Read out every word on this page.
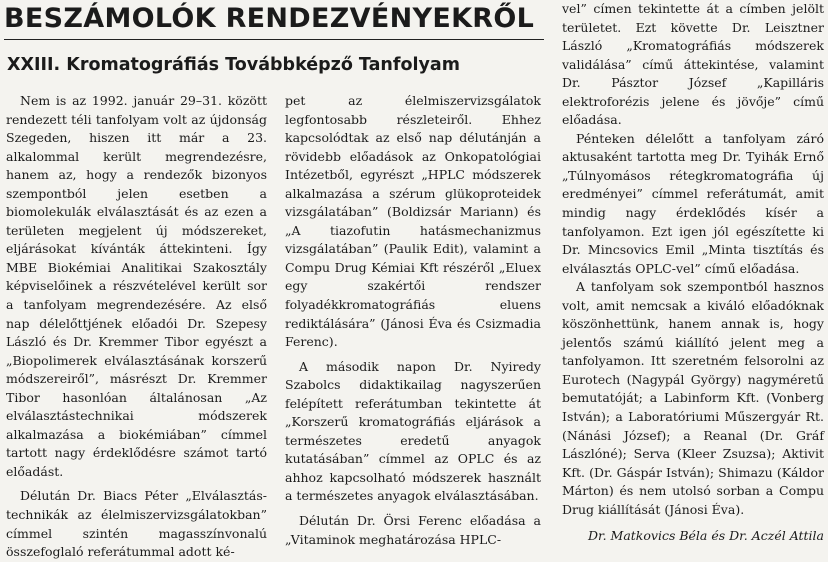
BESZÁMOLÓK RENDEZVÉNYEKRŐL
XXIII. Kromatográfiás Továbbképző Tanfolyam

Nem is az 1992. január 29–31. között rendezett téli tanfolyam volt az újdonság Szegeden, hiszen itt már a 23. alkalommal került megrendezésre, hanem az, hogy a rendezők bizonyos szempontból jelen esetben a biomolekulák elválasztását és az ezen a területen megjelent új módszereket, eljárásokat kívánták áttekinteni. Így MBE Biokémiai Analitikai Szakosztály képviselőinek a részvételével került sor a tanfolyam megrendezésére. Az első nap délelőttjének előadói Dr. Szepesy László és Dr. Kremmer Tibor egyészt a „Biopolimerek elválasztásának korszerű módszereiről”, másrészt Dr. Kremmer Tibor hasonlóan általánosan „Az elválasztástechnikai módszerek alkalmazása a biokémiában” címmel tartott nagy érdeklődésre számot tartó előadást.

Délután Dr. Biacs Péter „Elválasztás-technikák az élelmiszervizsgálatokban” címmel szintén magasszínvonalú összefoglaló referátummal adott ké-

pet az élelmiszervizsgálatok legfontosabb részleteiről. Ehhez kapcsolódtak az első nap délutánján a rövidebb előadások az Onkopatológiai Intézetből, egyrészt „HPLC módszerek alkalmazása a szérum glükoproteidek vizsgálatában” (Boldizsár Mariann) és „A tiazofutin hatásmechanizmus vizsgálatában” (Paulik Edit), valamint a Compu Drug Kémiai Kft részéről „Eluex egy szakértői rendszer folyadékkromatográfiás eluens rediktálására” (Jánosi Éva és Csizmadia Ferenc).

A második napon Dr. Nyiredy Szabolcs didaktikailag nagyszerűen felépített referátumban tekintette át „Korszerű kromatográfiás eljárások a természetes eredetű anyagok kutatásában” címmel az OPLC és az ahhoz kapcsolható módszerek használt a természetes anyagok elválasztásában.

Délután Dr. Örsi Ferenc előadása a „Vitaminok meghatározása HPLC-

vel” címen tekintette át a címben jelölt területet. Ezt követte Dr. Leisztner László „Kromatográfiás módszerek validálása” című áttekintése, valamint Dr. Pásztor József „Kapilláris elektroforézis jelene és jövője” című előadása.

Pénteken délelőtt a tanfolyam záró aktusaként tartotta meg Dr. Tyihák Ernő „Túlnyomásos rétegkromatográfia új eredményei” címmel referátumát, amit mindig nagy érdeklődés kísér a tanfolyamon. Ezt igen jól egészítette ki Dr. Mincsovics Emil „Minta tisztítás és elválasztás OPLC-vel” című előadása.

A tanfolyam sok szempontból hasznos volt, amit nemcsak a kiváló előadóknak köszönhettünk, hanem annak is, hogy jelentős számú kiállító jelent meg a tanfolyamon. Itt szeretném felsorolni az Eurotech (Nagypál György) nagyméretű bemutatóját; a Labinform Kft. (Vonberg István); a Laboratóriumi Műszergyár Rt. (Nánási József); a Reanal (Dr. Gráf Lászlóné); Serva (Kleer Zsuzsa); Aktivit Kft. (Dr. Gáspár István); Shimazu (Káldor Márton) és nem utolsó sorban a Compu Drug kiállítását (Jánosi Éva).

Dr. Matkovics Béla és Dr. Aczél Attila
